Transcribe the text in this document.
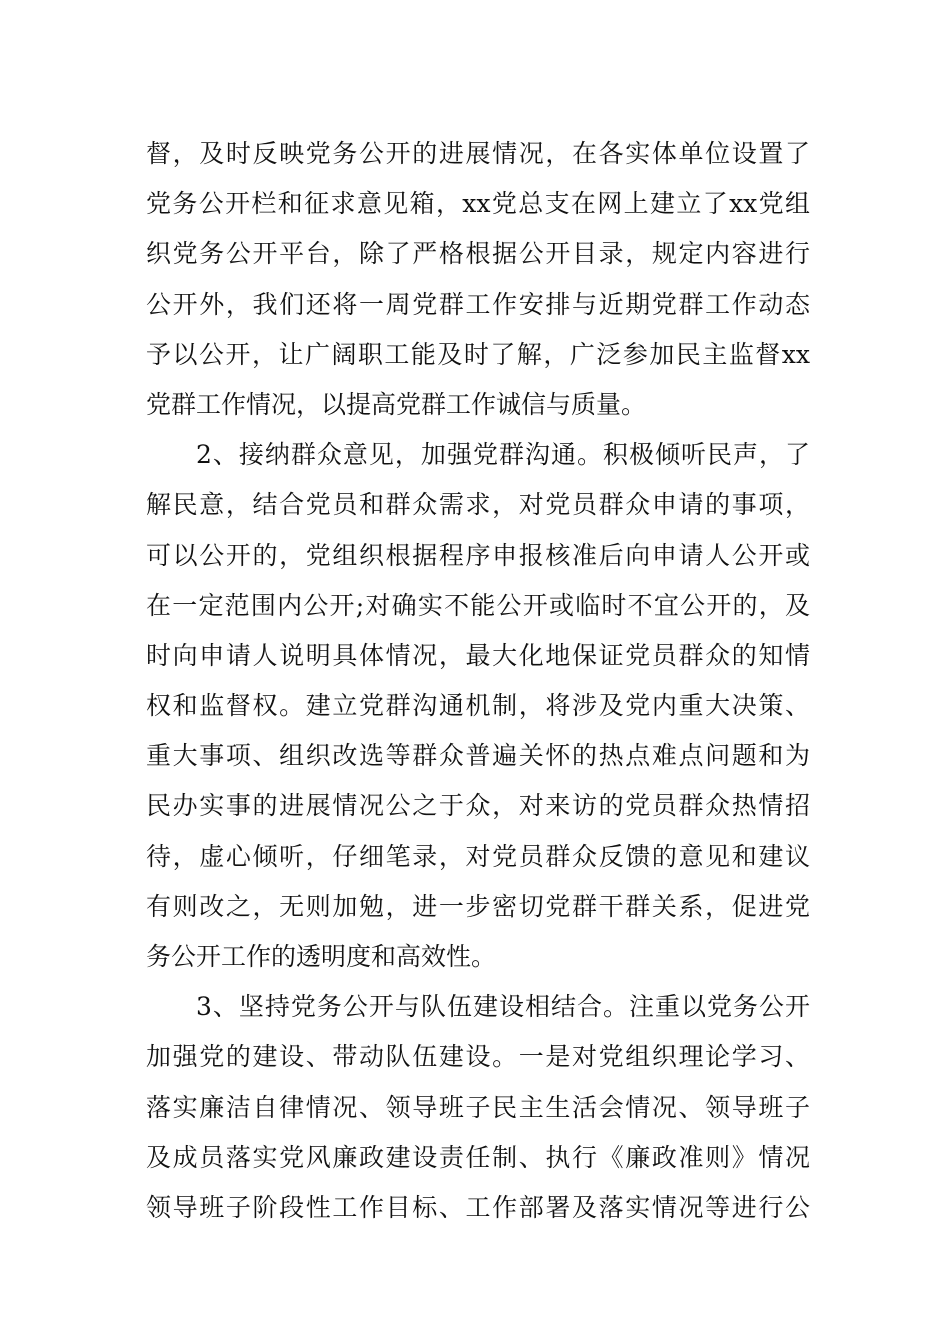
督，及时反映党务公开的进展情况，在各实体单位设置了
党务公开栏和征求意见箱，xx党总支在网上建立了xx党组
织党务公开平台，除了严格根据公开目录，规定内容进行
公开外，我们还将一周党群工作安排与近期党群工作动态
予以公开，让广阔职工能及时了解，广泛参加民主监督xx
党群工作情况，以提高党群工作诚信与质量。
2、接纳群众意见，加强党群沟通。积极倾听民声，了
解民意，结合党员和群众需求，对党员群众申请的事项，
可以公开的，党组织根据程序申报核准后向申请人公开或
在一定范围内公开;对确实不能公开或临时不宜公开的，及
时向申请人说明具体情况，最大化地保证党员群众的知情
权和监督权。建立党群沟通机制，将涉及党内重大决策、
重大事项、组织改选等群众普遍关怀的热点难点问题和为
民办实事的进展情况公之于众，对来访的党员群众热情招
待，虚心倾听，仔细笔录，对党员群众反馈的意见和建议
有则改之，无则加勉，进一步密切党群干群关系，促进党
务公开工作的透明度和高效性。
3、坚持党务公开与队伍建设相结合。注重以党务公开
加强党的建设、带动队伍建设。一是对党组织理论学习、
落实廉洁自律情况、领导班子民主生活会情况、领导班子
及成员落实党风廉政建设责任制、执行《廉政准则》情况
领导班子阶段性工作目标、工作部署及落实情况等进行公
